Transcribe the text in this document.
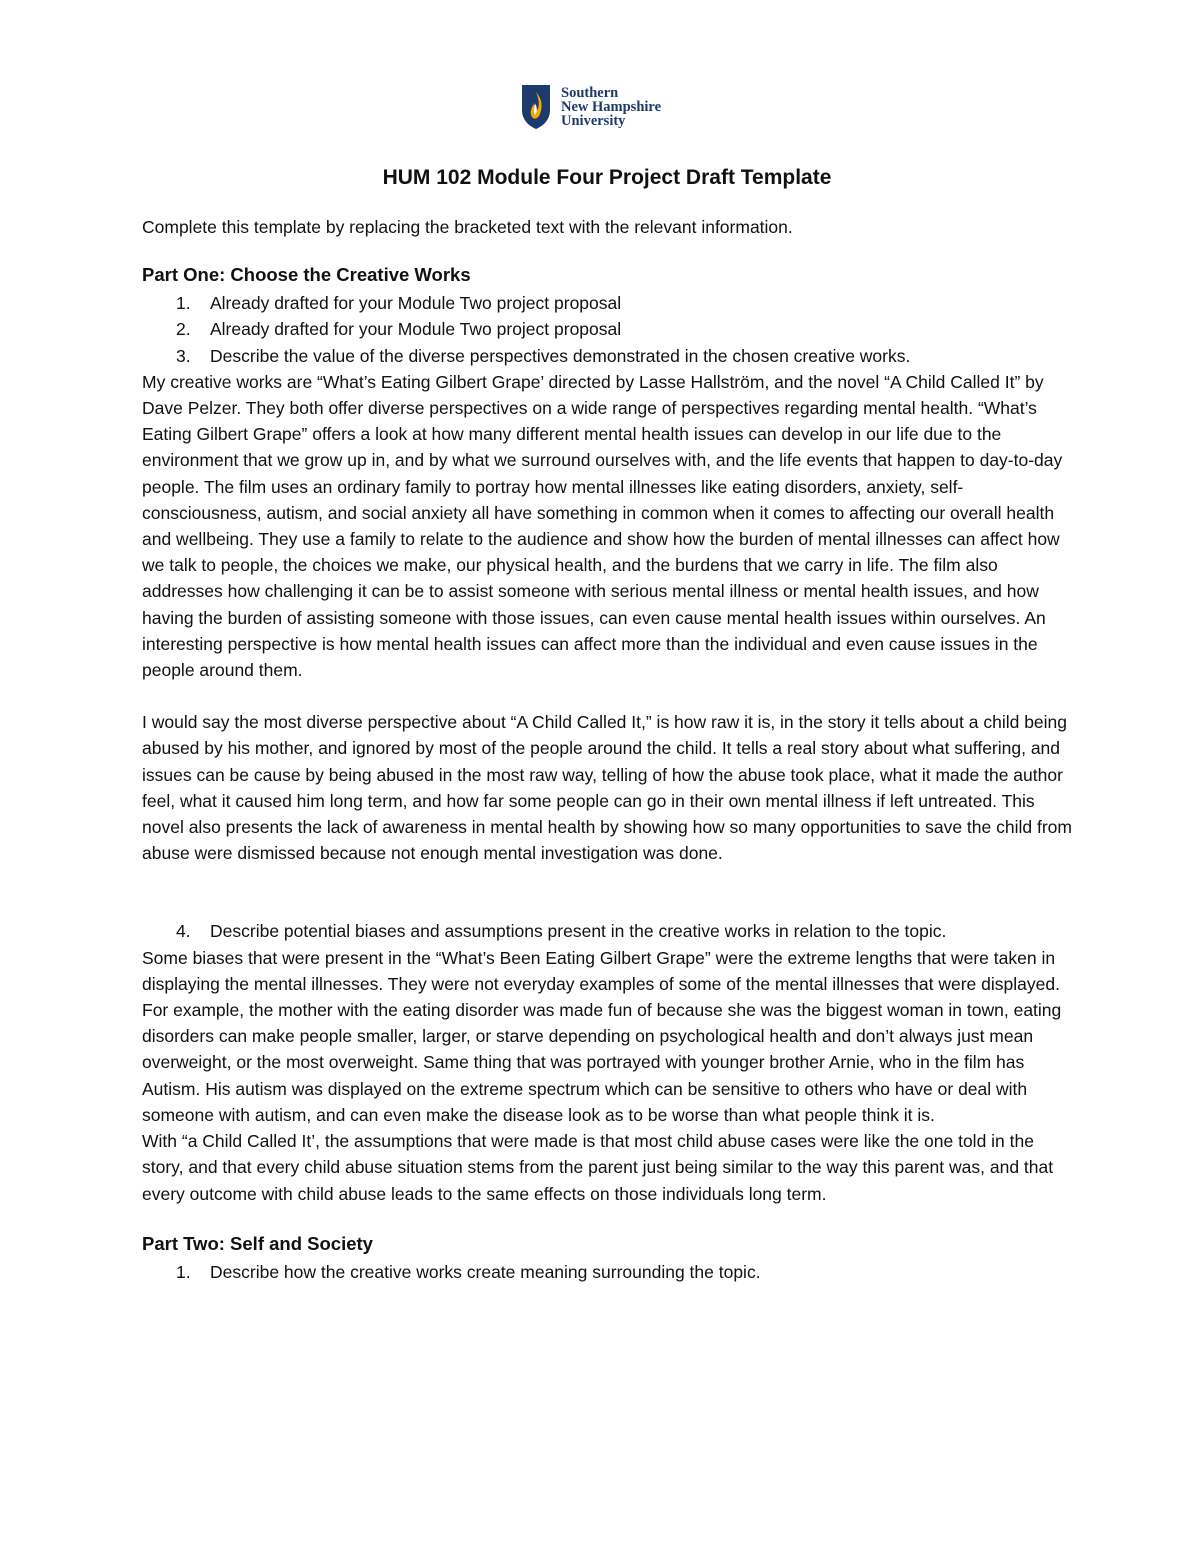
Southern
New Hampshire
University
HUM 102 Module Four Project Draft Template

Complete this template by replacing the bracketed text with the relevant information.

Part One: Choose the Creative Works
1.	Already drafted for your Module Two project proposal
2.	Already drafted for your Module Two project proposal
3.	Describe the value of the diverse perspectives demonstrated in the chosen creative works.

My creative works are “What’s Eating Gilbert Grape’ directed by Lasse Hallström, and the novel “A Child Called It” by Dave Pelzer. They both offer diverse perspectives on a wide range of perspectives regarding mental health. “What’s Eating Gilbert Grape” offers a look at how many different mental health issues can develop in our life due to the environment that we grow up in, and by what we surround ourselves with, and the life events that happen to day-to-day people. The film uses an ordinary family to portray how mental illnesses like eating disorders, anxiety, self-consciousness, autism, and social anxiety all have something in common when it comes to affecting our overall health and wellbeing. They use a family to relate to the audience and show how the burden of mental illnesses can affect how we talk to people, the choices we make, our physical health, and the burdens that we carry in life. The film also addresses how challenging it can be to assist someone with serious mental illness or mental health issues, and how having the burden of assisting someone with those issues, can even cause mental health issues within ourselves. An interesting perspective is how mental health issues can affect more than the individual and even cause issues in the people around them.

I would say the most diverse perspective about “A Child Called It,” is how raw it is, in the story it tells about a child being abused by his mother, and ignored by most of the people around the child. It tells a real story about what suffering, and issues can be cause by being abused in the most raw way, telling of how the abuse took place, what it made the author feel, what it caused him long term, and how far some people can go in their own mental illness if left untreated. This novel also presents the lack of awareness in mental health by showing how so many opportunities to save the child from abuse were dismissed because not enough mental investigation was done.

4.	Describe potential biases and assumptions present in the creative works in relation to the topic.

Some biases that were present in the “What’s Been Eating Gilbert Grape” were the extreme lengths that were taken in displaying the mental illnesses. They were not everyday examples of some of the mental illnesses that were displayed. For example, the mother with the eating disorder was made fun of because she was the biggest woman in town, eating disorders can make people smaller, larger, or starve depending on psychological health and don’t always just mean overweight, or the most overweight. Same thing that was portrayed with younger brother Arnie, who in the film has Autism. His autism was displayed on the extreme spectrum which can be sensitive to others who have or deal with someone with autism, and can even make the disease look as to be worse than what people think it is.

With “a Child Called It’, the assumptions that were made is that most child abuse cases were like the one told in the story, and that every child abuse situation stems from the parent just being similar to the way this parent was, and that every outcome with child abuse leads to the same effects on those individuals long term.

Part Two: Self and Society
1.	Describe how the creative works create meaning surrounding the topic.
